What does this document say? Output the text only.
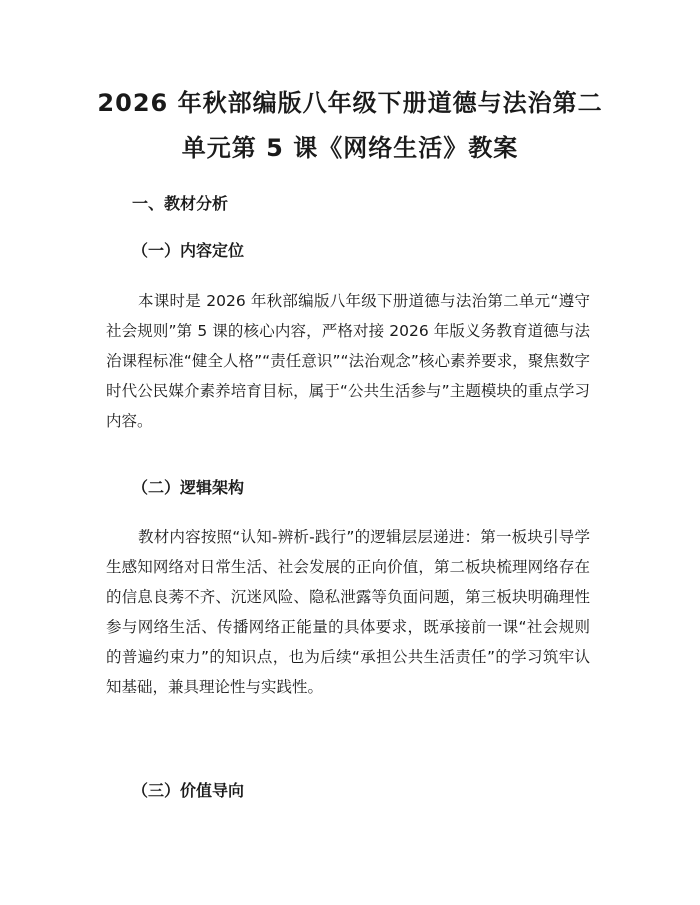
2026 年秋部编版八年级下册道德与法治第二
单元第 5 课《网络生活》教案
一、教材分析
（一）内容定位

本课时是 2026 年秋部编版八年级下册道德与法治第二单元“遵守社会规则”第 5 课的核心内容，严格对接 2026 年版义务教育道德与法治课程标准“健全人格”“责任意识”“法治观念”核心素养要求，聚焦数字时代公民媒介素养培育目标，属于“公共生活参与”主题模块的重点学习内容。

（二）逻辑架构

教材内容按照“认知-辨析-践行”的逻辑层层递进：第一板块引导学生感知网络对日常生活、社会发展的正向价值，第二板块梳理网络存在的信息良莠不齐、沉迷风险、隐私泄露等负面问题，第三板块明确理性参与网络生活、传播网络正能量的具体要求，既承接前一课“社会规则的普遍约束力”的知识点，也为后续“承担公共生活责任”的学习筑牢认知基础，兼具理论性与实践性。

（三）价值导向
